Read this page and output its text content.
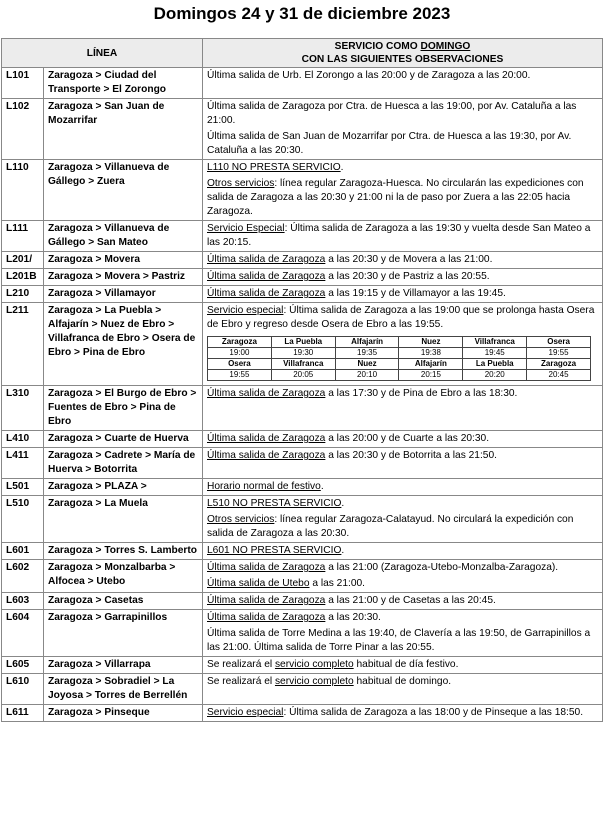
Domingos 24 y 31 de diciembre 2023
LÍNEA	SERVICIO COMO DOMINGO
CON LAS SIGUIENTES OBSERVACIONES
L101	Zaragoza > Ciudad del Transporte > El Zorongo	

Última salida de Urb. El Zorongo a las 20:00 y de Zaragoza a las 20:00.

L102	Zaragoza > San Juan de Mozarrifar	

Última salida de Zaragoza por Ctra. de Huesca a las 19:00, por Av. Cataluña a las 21:00.

Última salida de San Juan de Mozarrifar por Ctra. de Huesca a las 19:30, por Av. Cataluña a las 20:30.

L110	Zaragoza > Villanueva de Gállego > Zuera	

L110 NO PRESTA SERVICIO.

Otros servicios: línea regular Zaragoza-Huesca. No circularán las expediciones con salida de Zaragoza a las 20:30 y 21:00 ni la de paso por Zuera a las 22:05 hacia Zaragoza.

L111	Zaragoza > Villanueva de Gállego > San Mateo	

Servicio Especial: Última salida de Zaragoza a las 19:30 y vuelta desde San Mateo a las 20:15.

L201/	Zaragoza > Movera	Última salida de Zaragoza a las 20:30 y de Movera a las 21:00.

L201B	Zaragoza > Movera > Pastriz	Última salida de Zaragoza a las 20:30 y de Pastriz a las 20:55.

L210	Zaragoza > Villamayor	Última salida de Zaragoza a las 19:15 y de Villamayor a las 19:45.

L211	Zaragoza > La Puebla > Alfajarín > Nuez de Ebro > Villafranca de Ebro > Osera de Ebro > Pina de Ebro	

Servicio especial: Última salida de Zaragoza a las 19:00 que se prolonga hasta Osera de Ebro y regreso desde Osera de Ebro a las 19:55.

Zaragoza	La Puebla	Alfajarín	Nuez	Villafranca	Osera
19:00	19:30	19:35	19:38	19:45	19:55
Osera	Villafranca	Nuez	Alfajarín	La Puebla	Zaragoza
19:55	20:05	20:10	20:15	20:20	20:45

L310	Zaragoza > El Burgo de Ebro > Fuentes de Ebro > Pina de Ebro	

Última salida de Zaragoza a las 17:30 y de Pina de Ebro a las 18:30.

L410	Zaragoza > Cuarte de Huerva	Última salida de Zaragoza a las 20:00 y de Cuarte a las 20:30.

L411	Zaragoza > Cadrete > María de Huerva > Botorrita	

Última salida de Zaragoza a las 20:30 y de Botorrita a las 21:50.

L501	Zaragoza > PLAZA >	Horario normal de festivo.

L510	Zaragoza > La Muela	L510 NO PRESTA SERVICIO.

Otros servicios: línea regular Zaragoza-Calatayud. No circulará la expedición con salida de Zaragoza a las 20:30.

L601	Zaragoza > Torres S. Lamberto	L601 NO PRESTA SERVICIO.

L602	Zaragoza > Monzalbarba > Alfocea > Utebo	

Última salida de Zaragoza a las 21:00 (Zaragoza-Utebo-Monzalba-Zaragoza).

Última salida de Utebo a las 21:00.

L603	Zaragoza > Casetas	Última salida de Zaragoza a las 21:00 y de Casetas a las 20:45.

L604	Zaragoza > Garrapinillos	Última salida de Zaragoza a las 20:30.

Última salida de Torre Medina a las 19:40, de Clavería a las 19:50, de Garrapinillos a las 21:00. Última salida de Torre Pinar a las 20:55.

L605	Zaragoza > Villarrapa	Se realizará el servicio completo habitual de día festivo.

L610	Zaragoza > Sobradiel > La Joyosa > Torres de Berrellén	

Se realizará el servicio completo habitual de domingo.

L611	Zaragoza > Pinseque	Servicio especial: Última salida de Zaragoza a las 18:00 y de Pinseque a las 18:50.
